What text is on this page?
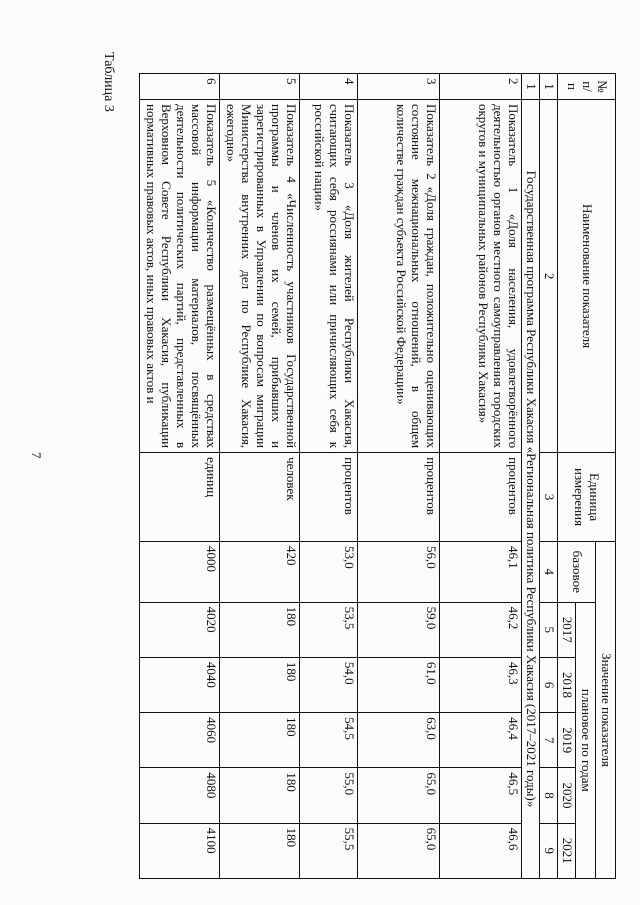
7
Таблица 3	№ п/п	Наименование показателя	Единица измерения	Значение показателя					
			базовое	плановое по годам				
				2017	2018	2019	2020	2021
1	2	3	4	5	6	7	8	9
1	Государственная программа Республики Хакасия «Региональная политика Республики Хакасия (2017–2021 годы)»							
2	Показатель 1 «Доля населения, удовлетворённого деятельностью органов местного самоуправления городских округов и муниципальных районов Республики Хакасия»	процентов	46,1	46,2	46,3	46,4	46,5	46,6
3	Показатель 2 «Доля граждан, положительно оценивающих состояние межнациональных отношений, в общем количестве граждан субъекта Российской Федерации»	процентов	56,0	59,0	61,0	63,0	65,0	65,0
4	Показатель 3 «Доля жителей Республики Хакасия, считающих себя россиянами или причисляющих себя к российской нации»	процентов	53,0	53,5	54,0	54,5	55,0	55,5
5	Показатель 4 «Численность участников Государственной программы и членов их семей, прибывших и зарегистрированных в Управлении по вопросам миграции Министерства внутренних дел по Республике Хакасия, ежегодно»	человек	420	180	180	180	180	180
6	Показатель 5 «Количество размещённых в средствах массовой информации материалов, посвящённых деятельности политических партий, представленных в Верховном Совете Республики Хакасия, публикации нормативных правовых актов, иных правовых актов и	единиц	4000	4020	4040	4060	4080	4100
